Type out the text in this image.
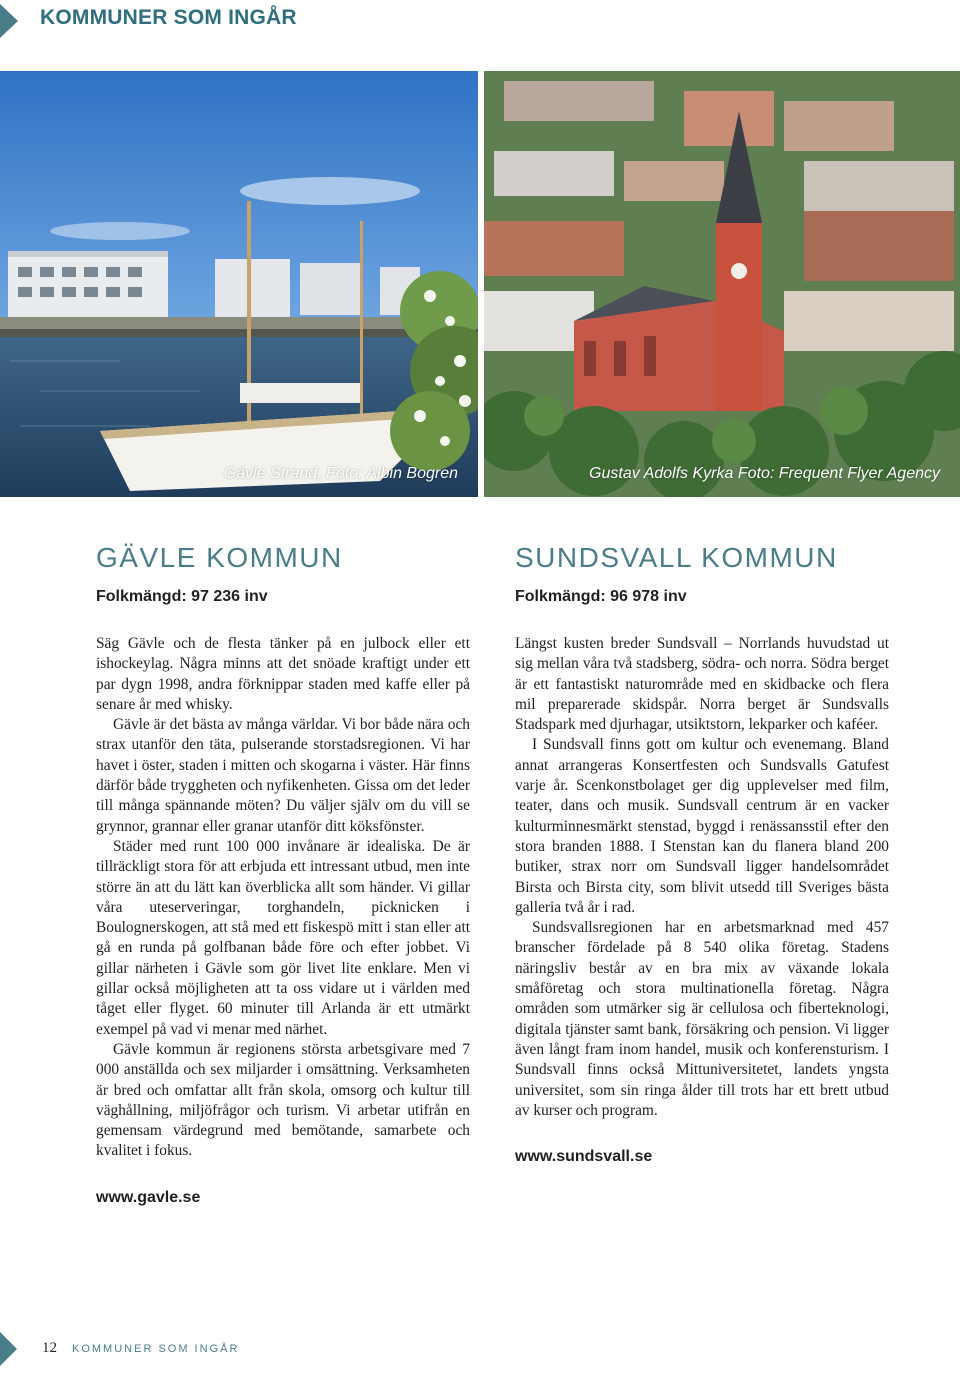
KOMMUNER SOM INGÅR
Gävle Strand, Foto: Albin Bogren	Gustav Adolfs Kyrka Foto: Frequent Flyer Agency
GÄVLE KOMMUN
Folkmängd: 97 236 inv

Säg Gävle och de flesta tänker på en julbock eller ett ishockeylag. Några minns att det snöade kraftigt under ett par dygn 1998, andra förknippar staden med kaffe eller på senare år med whisky.

Gävle är det bästa av många världar. Vi bor både nära och strax utanför den täta, pulserande storstadsregionen. Vi har havet i öster, staden i mitten och skogarna i väster. Här finns därför både tryggheten och nyfikenheten. Gissa om det leder till många spännande möten? Du väljer själv om du vill se grynnor, grannar eller granar utanför ditt köksfönster.

Städer med runt 100 000 invånare är idealiska. De är tillräckligt stora för att erbjuda ett intressant utbud, men inte större än att du lätt kan överblicka allt som händer. Vi gillar våra uteserveringar, torghandeln, picknicken i Boulognerskogen, att stå med ett fiskespö mitt i stan eller att gå en runda på golfbanan både före och efter jobbet. Vi gillar närheten i Gävle som gör livet lite enklare. Men vi gillar också möjligheten att ta oss vidare ut i världen med tåget eller flyget. 60 minuter till Arlanda är ett utmärkt exempel på vad vi menar med närhet.

Gävle kommun är regionens största arbetsgivare med 7 000 anställda och sex miljarder i omsättning. Verksamheten är bred och omfattar allt från skola, omsorg och kultur till väghållning, miljöfrågor och turism. Vi arbetar utifrån en gemensam värdegrund med bemötande, samarbete och kvalitet i fokus.

www.gavle.se
SUNDSVALL KOMMUN
Folkmängd: 96 978 inv

Längst kusten breder Sundsvall – Norrlands huvudstad ut sig mellan våra två stadsberg, södra- och norra. Södra berget är ett fantastiskt naturområde med en skidbacke och flera mil preparerade skidspår. Norra berget är Sundsvalls Stadspark med djurhagar, utsiktstorn, lekparker och kaféer.

I Sundsvall finns gott om kultur och evenemang. Bland annat arrangeras Konsertfesten och Sundsvalls Gatufest varje år. Scenkonstbolaget ger dig upplevelser med film, teater, dans och musik. Sundsvall centrum är en vacker kulturminnesmärkt stenstad, byggd i renässansstil efter den stora branden 1888. I Stenstan kan du flanera bland 200 butiker, strax norr om Sundsvall ligger handelsområdet Birsta och Birsta city, som blivit utsedd till Sveriges bästa galleria två år i rad.

Sundsvallsregionen har en arbetsmarknad med 457 branscher fördelade på 8 540 olika företag. Stadens näringsliv består av en bra mix av växande lokala småföretag och stora multinationella företag. Några områden som utmärker sig är cellulosa och fiberteknologi, digitala tjänster samt bank, försäkring och pension. Vi ligger även långt fram inom handel, musik och konferensturism. I Sundsvall finns också Mittuniversitetet, landets yngsta universitet, som sin ringa ålder till trots har ett brett utbud av kurser och program.

www.sundsvall.se
12 KOMMUNER SOM INGÅR
